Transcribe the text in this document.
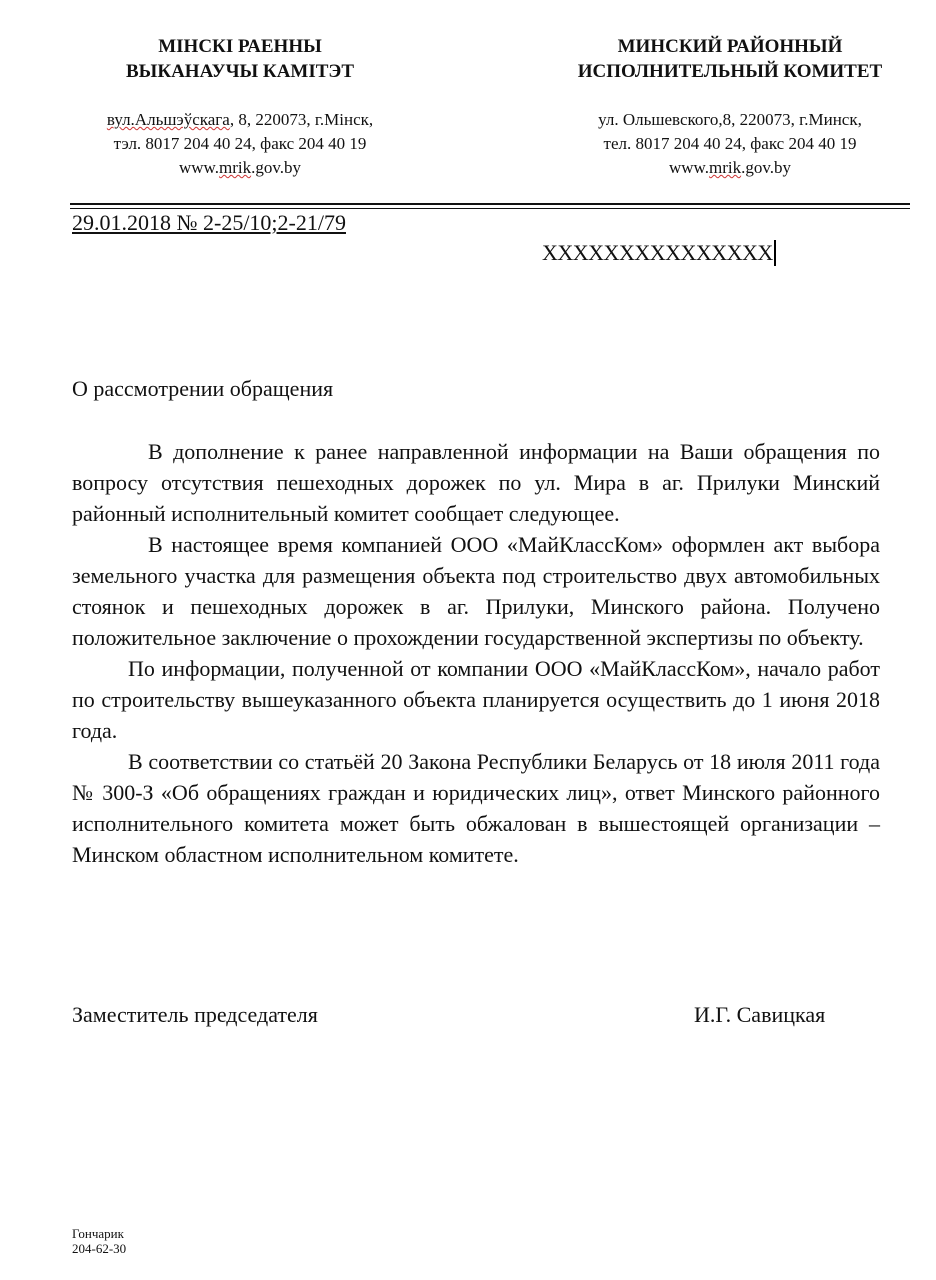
МІНСКІ РАЕННЫ
ВЫКАНАУЧЫ КАМІТЭТ
вул.Альшэўскага, 8, 220073, г.Мінск,
тэл. 8017 204 40 24, факс 204 40 19
www.mrik.gov.by
МИНСКИЙ РАЙОННЫЙ
ИСПОЛНИТЕЛЬНЫЙ КОМИТЕТ
ул. Ольшевского,8, 220073, г.Минск,
тел. 8017 204 40 24, факс 204 40 19
www.mrik.gov.by
29.01.2018 № 2-25/10;2-21/79
XXXXXXXXXXXXXXX
О рассмотрении обращения

В дополнение к ранее направленной информации на Ваши обращения по вопросу отсутствия пешеходных дорожек по ул. Мира в аг. Прилуки Минский районный исполнительный комитет сообщает следующее.

В настоящее время компанией ООО «МайКлассКом» оформлен акт выбора земельного участка для размещения объекта под строительство двух автомобильных стоянок и пешеходных дорожек в аг. Прилуки, Минского района. Получено положительное заключение о прохождении государственной экспертизы по объекту.

По информации, полученной от компании ООО «МайКлассКом», начало работ по строительству вышеуказанного объекта планируется осуществить до 1 июня 2018 года.

В соответствии со статьёй 20 Закона Республики Беларусь от 18 июля 2011 года № 300-З «Об обращениях граждан и юридических лиц», ответ Минского районного исполнительного комитета может быть обжалован в вышестоящей организации – Минском областном исполнительном комитете.

Заместитель председателя	И.Г. Савицкая
Гончарик
204-62-30
